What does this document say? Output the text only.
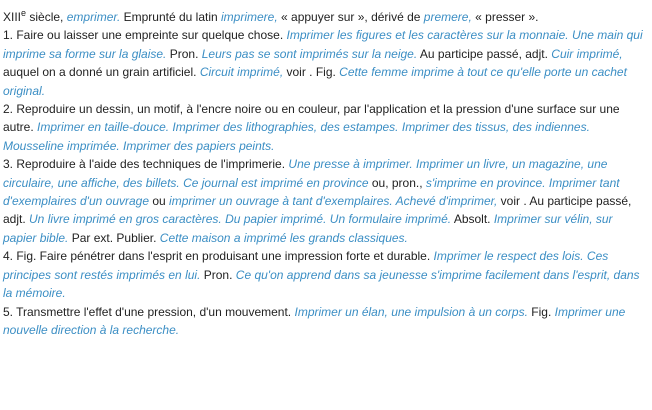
XIIIe siècle, emprimer. Emprunté du latin imprimere, « appuyer sur », dérivé de premere, « presser ».

1. Faire ou laisser une empreinte sur quelque chose. Imprimer les figures et les caractères sur la monnaie. Une main qui imprime sa forme sur la glaise. Pron. Leurs pas se sont imprimés sur la neige. Au participe passé, adjt. Cuir imprimé, auquel on a donné un grain artificiel. Circuit imprimé, voir . Fig. Cette femme imprime à tout ce qu'elle porte un cachet original.

2. Reproduire un dessin, un motif, à l'encre noire ou en couleur, par l'application et la pression d'une surface sur une autre. Imprimer en taille-douce. Imprimer des lithographies, des estampes. Imprimer des tissus, des indiennes. Mousseline imprimée. Imprimer des papiers peints.

3. Reproduire à l'aide des techniques de l'imprimerie. Une presse à imprimer. Imprimer un livre, un magazine, une circulaire, une affiche, des billets. Ce journal est imprimé en province ou, pron., s'imprime en province. Imprimer tant d'exemplaires d'un ouvrage ou imprimer un ouvrage à tant d'exemplaires. Achevé d'imprimer, voir . Au participe passé, adjt. Un livre imprimé en gros caractères. Du papier imprimé. Un formulaire imprimé. Absolt. Imprimer sur vélin, sur papier bible. Par ext. Publier. Cette maison a imprimé les grands classiques.

4. Fig. Faire pénétrer dans l'esprit en produisant une impression forte et durable. Imprimer le respect des lois. Ces principes sont restés imprimés en lui. Pron. Ce qu'on apprend dans sa jeunesse s'imprime facilement dans l'esprit, dans la mémoire.

5. Transmettre l'effet d'une pression, d'un mouvement. Imprimer un élan, une impulsion à un corps. Fig. Imprimer une nouvelle direction à la recherche.
